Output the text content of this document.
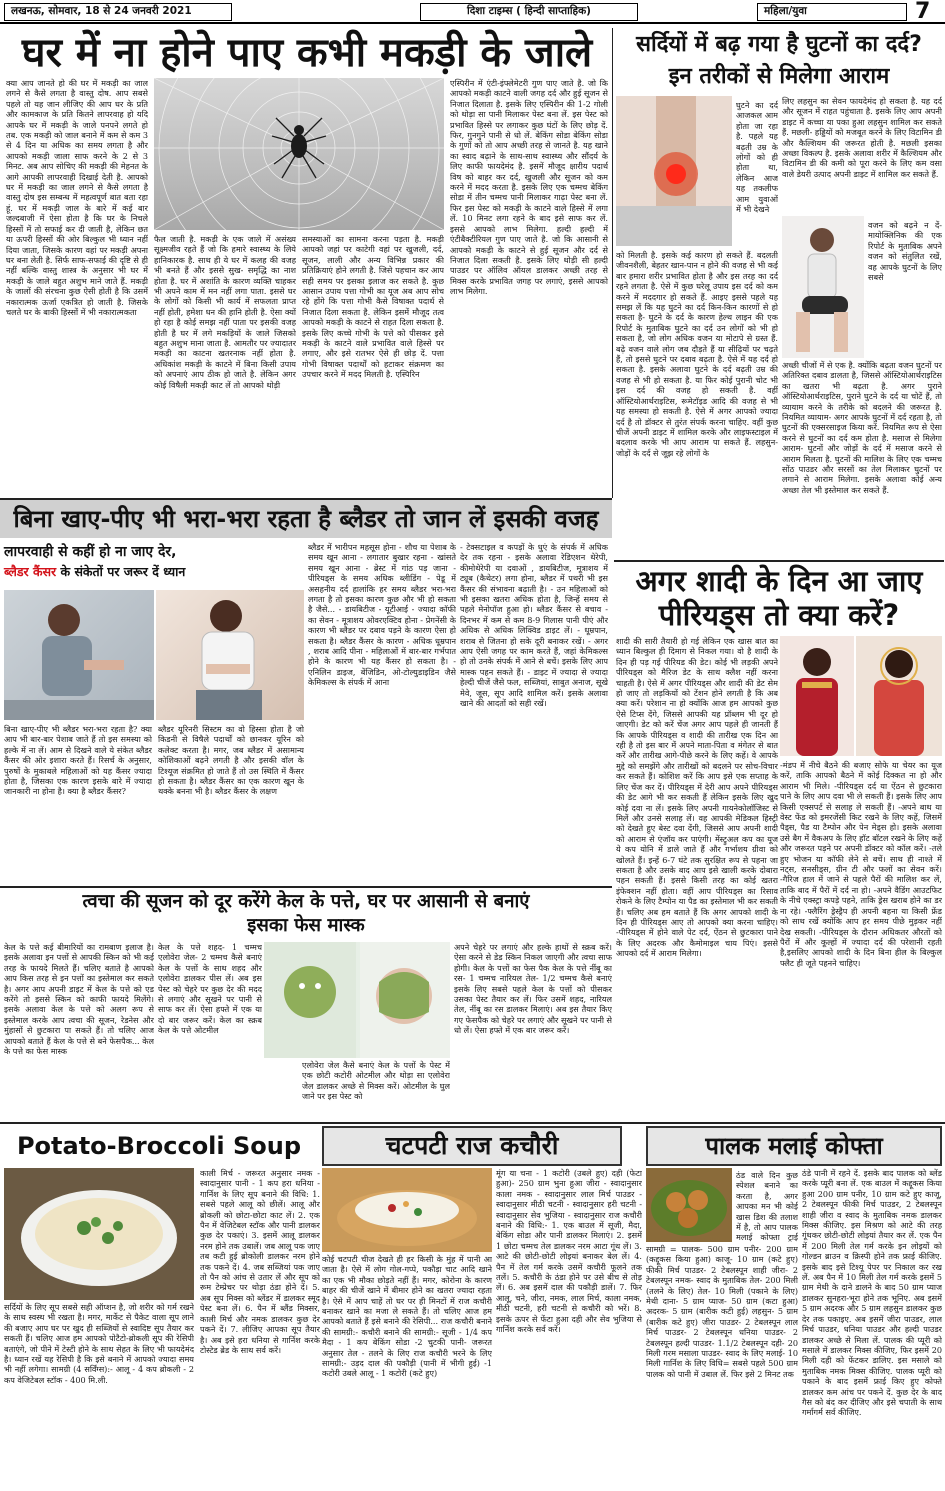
लखनऊ, सोमवार, 18 से 24 जनवरी 2021	दिशा टाइम्स ( हिन्दी साप्ताहिक)	महिला/युवा	7
घर में ना होने पाए कभी मकड़ी के जाले
क्या आप जानते हो की घर में मकड़ी का जाल लगने से कैसे लगता है वास्तु दोष. आप सबसे पहले तो यह जान लीजिए की आप घर के प्रति और कामकाज के प्रति कितने लापरवाह हो यदि आपके घर में मकड़ी के जाले पनपने लगते हो तब. एक मकड़ी को जाल बनाने में कम से कम 3 से 4 दिन या अधिक का समय लगता है और आपको मकड़ी जाला साफ करने के 2 से 3 मिनट. अब आप सोचिए की मकड़ी की मेहनत के आगे आपकी लापरवाही दिखाई देती है. आपको घर में मकड़ी का जाल लगने से कैसे लगता है वास्तु दोष इस सम्बन्ध में महत्वपूर्ण बात बता रहा हूं. घर में मकड़ी जाल के बारे में कई बार जल्दबाजी में ऐसा होता है कि घर के निचले हिस्सों में तो सफाई कर दी जाती है, लेकिन छत या ऊपरी हिस्सों की ओर बिल्कुल भी ध्यान नहीं दिया जाता, जिसके कारण वहां पर मकड़ी अपना घर बना लेती है. सिर्फ साफ-सफाई की दृष्टि से ही नहीं बल्कि वास्तु शास्त्र के अनुसार भी घर में मकड़ी के जाले बहुत अशुभ माने जाते हैं. मकड़ी के जालों की संरचना कुछ ऐसी होती है कि उसमें नकारात्मक ऊर्जा एकत्रित हो जाती है. जिसके चलते घर के बाकी हिस्सों में भी नकारात्मकता
फैल जाती है. मकड़ी के एक जाले में असंख्य सूक्ष्मजीव रहते हैं जो कि हमारे स्वास्थ्य के लिये हानिकारक है. साथ ही ये घर में कलह की वजह भी बनते हैं और इससे सुख- समृद्धि का नाश होता है. घर में अशांति के कारण व्यक्ति चाहकर भी अपने काम में मन नहीं लगा पाता. इससे घर के लोगों को किसी भी कार्य में सफलता प्राप्त नहीं होती, हमेशा धन की हानि होती है. ऐसा क्यों हो रहा है कोई समझ नहीं पाता पर इसकी वजह होती है घर में लगे मकड़ियों के जाले जिसको बहुत अशुभ माना जाता है. आमतौर पर ज्यादातर मकड़ी का काटना खतरनाक नहीं होता है. अधिकांश मकड़ी के काटने में बिना किसी उपाय को अपनाएं आप ठीक हो जाते है. लेकिन अगर कोई विषैली मकड़ी काट लें तो आपको थोड़ी
समस्याओं का सामना करना पड़ता है. मकड़ी आपको जहां पर काटेगी वहां पर खुजली, दर्द, सूजन, लाली और अन्य विभिन्न प्रकार की प्रतिक्रियाएं होने लगती है. जिसे पहचान कर आप सही समय पर इसका इलाज कर सकते है. कुछ आसान उपाय पत्ता गोभी का यूज अब आप सोच रहे होंगे कि पत्ता गोभी कैसे विषाक्त पदार्थ से निजात दिला सकता है. लेकिन इसमें मौजूद तत्व आपको मकड़ी के काटने से राहत दिला सकता है. इसके लिए कच्चे गोभी के पत्ते को पीसकर इसे मकड़ी के काटने वाले प्रभावित वाले हिस्से पर लगाए, और इसे रातभर ऐसे ही छोड़ दें. पत्ता गोभी विषाक्त पदार्थों को हटाकर संक्रमण का उपचार करने में मदद मिलती है. एस्पिरिन
एस्पिरीन में एंटी-इंफ्लेमेटरी गुण पाए जाते है. जो कि आपको मकड़ी काटने वाली जगह दर्द और हुई सूजन से निजात दिलाता है. इसके लिए एस्पिरीन की 1-2 गोली को थोड़ा सा पानी मिलाकर पेस्ट बना लें. इस पेस्ट को प्रभावित हिस्से पर लगाकर कुछ घंटों के लिए छोड़ दें. फिर, गुनगुने पानी से धो लें. बेकिंग सोडा बेकिंग सोडा के गुणों को तो आप अच्छी तरह से जानते है. यह खाने का स्वाद बढ़ाने के साथ-साथ स्वास्थ्य और सौंदर्य के लिए काफी फायदेमंद है. इसमें मौजूद क्षारीय पदार्थ विष को बाहर कर दर्द, खुजली और सूजन को कम करने में मदद करता है. इसके लिए एक चम्मच बेकिंग सोडा में तीन चम्मच पानी मिलाकर गाढ़ा पेस्ट बना लें. फिर इस पेस्ट को मकड़ी के काटने वाले हिस्से में लगा लें. 10 मिनट लगा रहने के बाद इसे साफ कर लें. इससे आपको लाभ मिलेगा. हल्दी हल्दी में एंटीबैक्टीरियल गुण पाए जाते है. जो कि आसानी से आपको मकड़ी के काटने से हुई सूजन और दर्द से निजात दिला सकती है. इसके लिए थोड़ी सी हल्दी पाउडर पर ऑलिव ऑयल डालकर अच्छी तरह से मिक्स करके प्रभावित जगह पर लगाएं, इससे आपको लाभ मिलेगा.
सर्दियों में बढ़ गया है घुटनों का दर्द?
इन तरीकों से मिलेगा आराम
घुटने का दर्द आजकल आम होता जा रहा है. पहले यह बढ़ती उम्र के लोगों को ही होता था, लेकिन आज यह तकलीफ आम युवाओं में भी देखने
को मिलती है. इसके कई कारण हो सकते हैं. बदलती जीवनशैली, बेहतर खान-पान न होने की वजह से भी कई बार हमारा शरीर प्रभावित होता है और इस तरह का दर्द रहने लगता है. ऐसे में कुछ घरेलू उपाय इस दर्द को कम करने में मददगार हो सकते हैं. आइए इससे पहले यह समझ लें कि यह घुटने का दर्द किन-किन कारणों से हो सकता है- घुटने के दर्द के कारण हेल्थ लाइन की एक रिपोर्ट के मुताबिक घुटने का दर्द उन लोगों को भी हो सकता है, जो लोग अधिक वजन या मोटापे से ग्रस्त हैं. बढ़े वजन वाले लोग जब दौड़ते हैं या सीढ़ियों पर चढ़ते हैं, तो इससे घुटने पर दबाव बढ़ता है. ऐसे में यह दर्द हो सकता है. इसके अलावा घुटने के दर्द बढ़ती उम्र की वजह से भी हो सकता है. या फिर कोई पुरानी चोट भी इस दर्द की वजह हो सकती है. वहीं ऑस्टियोआर्थराइटिस, रूमेटॉइड आदि की वजह से भी यह समस्या हो सकती है. ऐसे में अगर आपको ज्यादा दर्द है तो डॉक्टर से तुरंत संपर्क करना चाहिए. वहीं कुछ चीजें अपनी डाइट में शामिल करके और लाइफस्टाइल में बदलाव करके भी आप आराम पा सकते हैं. लहसुन- जोड़ों के दर्द से जूझ रहे लोगों के
लिए लहसुन का सेवन फायदेमंद हो सकता है. यह दर्द और सूजन में राहत पहुंचाता है. इसके लिए आप अपनी डाइट में कच्चा या पका हुआ लहसुन शामिल कर सकते हैं. मछली- हड्डियों को मजबूत करने के लिए विटामिन डी और कैल्शियम की जरूरत होती है. मछली इसका अच्छा विकल्प है. इसके अलावा शरीर में कैल्शियम और विटामिन डी की कमी को पूरा करने के लिए कम वसा वाले डेयरी उत्पाद अपनी डाइट में शामिल कर सकते हैं.
वजन को बढ़ने न दें- मायोक्लिनिक की एक रिपोर्ट के मुताबिक अपने वजन को संतुलित रखें, वह आपके घुटनों के लिए सबसे
अच्छी चीजों में से एक है. क्योंकि बढ़ता वजन घुटनों पर अतिरिक्त दबाव डालता है, जिससे ऑस्टियोआर्थराइटिस का खतरा भी बढ़ता है. अगर पुराने ऑस्टियोआर्थराइटिस, पुराने घुटने के दर्द या चोटें हैं, तो व्यायाम करने के तरीके को बदलने की जरूरत है. नियमित व्यायाम- अगर आपके घुटनों में दर्द रहता है, तो घुटनों की एक्सरसाइज किया करें. नियमित रूप से ऐसा करने से घुटनों का दर्द कम होता है. मसाज से मिलेगा आराम- घुटनों और जोड़ों के दर्द में मसाज करने से आराम मिलता है. घुटनों की मालिश के लिए एक चम्मच सोंठ पाउडर और सरसों का तेल मिलाकर घुटनों पर लगाने से आराम मिलेगा. इसके अलावा कोई अन्य अच्छा तेल भी इस्तेमाल कर सकते हैं.
बिना खाए-पीए भी भरा-भरा रहता है ब्लैडर तो जान लें इसकी वजह
लापरवाही से कहीं हो ना जाए देर,
ब्लैडर कैंसर के संकेतों पर जरूर दें ध्यान
बिना खाए-पीए भी ब्लैडर भरा-भरा रहता है? क्या आप भी बार-बार पेशाब जाते हैं तो इस समस्या को हल्के में ना लें। आम से दिखने वाले ये संकेत ब्लैडर कैंसर की ओर इशारा करते हैं। रिसर्च के अनुसार, पुरुषों के मुकाबले महिलाओं को यह कैंसर ज्यादा होता है, जिसका एक कारण इसके बारे में ज्यादा जानकारी ना होना है। क्या है ब्लैडर कैंसर?
ब्लैडर यूरिनरी सिस्टम का वो हिस्सा होता है जो किडनी से विषैले पदार्थों को छानकर यूरिन को कलेक्ट करता है। मगर, जब ब्लैडर में असामान्य कोशिकाओं बढ़ने लगती है और इसकी वॉल के टिश्यूज संक्रमित हो जाते हैं तो उस स्थिति में कैंसर हो सकता है। ब्लैडर कैंसर का एक कारण खून के थक्के बनना भी है। ब्लैडर कैंसर के लक्षण
ब्लैडर में भारीपन महसूस होना - शौच या पेशाब के समय खून आना - लगातार बुखार रहना - खांसते समय खून आना - ब्रेस्ट में गांठ पड़ जाना - पीरियड्स के समय अधिक ब्लीडिंग - पेडू में असहनीय दर्द हालांकि हर समय ब्लैडर भरा-भरा लगता है तो इसका कारण कुछ और भी हो सकता है जैसे... - डायबिटीज - यूटीआई - ज्यादा कॉफी का सेवन - मूत्राशय ओवरएक्टिव होना - प्रेगनेंसी के कारण भी ब्लैडर पर दबाव पड़ने के कारण ऐसा हो सकता है। ब्लैडर कैंसर के कारण - अधिक धूम्रपान , शराब आदि पीना - महिलाओं में बार-बार गर्भपात होने के कारण भी यह कैंसर हो सकता है। - एनिलिन डाइज, बेंजिडिन, ओ-टोल्युडाइडिन जैसे केमिकल्स के संपर्क में आना
- टेक्सटाइल व कपड़ों के धुएं के संपर्क में अधिक देर तक रहना - इसके अलावा रेडिएशन थेरेपी, कीमोथेरेपी या दवाओं , डायबिटीज, मूत्राशय में ट्यूब (कैथेटर) लगा होना, ब्लैडर में पथरी भी इस कैंसर की संभावना बढ़ाती है। - उन महिलाओं को भी इसका खतरा अधिक होता है, जिन्हें समय से पहले मेनोपॉज हुआ हो। ब्लैडर कैंसर से बचाव - दिनभर में कम से कम 8-9 गिलास पानी पीएं और अधिक से अधिक लिक्विड डाइट लें। - धूम्रपान, शराब से जितना हो सके दूरी बनाकर रखें। - अगर आप ऐसी जगह पर काम करते हैं, जहां केमिकल्स हो तो उनके संपर्क में आने से बचें। इसके लिए आप मास्क पहन सकते हैं। - डाइट में ज्यादा से ज्यादा हेल्दी चीजें जैसे फल, सब्जियां, साबुत अनाज, सूखे मेवे, जूस, सूप आदि शामिल करें। इसके अलावा खाने की आदतों को सही रखें।
अगर शादी के दिन आ जाए
पीरियड्स तो क्या करें?
शादी की सारी तैयारी हो गई लेकिन एक खास बात का ध्यान बिल्कुल ही दिमाग से निकल गया। वो है शादी के दिन ही पड़ गई पीरियड की डेट। कोई भी लड़की अपने पीरियड्स को मैरिज डेट के साथ क्लैश नहीं करना चाहती है। ऐसे में अगर पीरियड्स और शादी की डेट सेम हो जाए तो लड़कियों को टेंशन होने लगती है कि अब क्या करें। परेशान ना हो क्योंकि आज हम आपको कुछ ऐसे टिप्स देंगे, जिससे आपकी यह प्रॉब्लम भी दूर हो जाएगी। डेट को करें चेंज अगर आप पहले ही जानती हैं कि आपके पीरियड्स व शादी की तारीख एक दिन आ रही है तो इस बार में अपने माता-पिता व मंगेतर से बात करें और तारीख आगे-पीछे करने के लिए कहें। वे आपके मुद्दे को समझेंगे और तारीखों को बदलने पर सोच-विचार कर सकते हैं। कोशिश करें कि आप इसे एक सप्ताह के लिए चेंज कर दें। पीरियड्स में देरी आप अपने पीरियड्स की डेट आगे भी कर सकती हैं लेकिन इसके लिए खुद कोई दवा ना लें। इसके लिए अपनी गायनेकोलॉजिस्ट से मिलें और उनसे सलाह लें। वह आपकी मेडिकल हिस्ट्री को देखते हुए बेस्ट दवा देंगी, जिससे आप अपनी शादी को आराम से एंजॉय कर पाएंगी। मेंस्ट्रुअल कप का यूज ये कप योनि में डाले जाते हैं और गर्भाशय ग्रीवा को खोलते हैं। इन्हें 6-7 घंटे तक सुरक्षित रूप से पहना जा सकता है और उसके बाद आप इसे खाली करके दोबारा पहन सकती हैं। इससे किसी तरह का कोई खतरा इंफेक्शन नहीं होता। वहीं आप पीरियड्स का रिसाव रोकने के लिए टैम्पोन या पैड का इस्तेमाल भी कर सकती हैं। चलिए अब हम बताते हैं कि अगर आपको शादी के दिन ही पीरियड्स आए तो आपको क्या करना चाहिए। -पीरियड्स में होने वाले पेट दर्द, ऐंठन से छुटकारा पाने के लिए अदरक और कैमोमाइल चाय पिएं। इससे आपको दर्द में आराम मिलेगा।
-मंडप में नीचे बैठने की बजाए सोफे या चेयर का यूज करें, ताकि आपको बैठने में कोई दिक्कत ना हो और आराम भी मिले। -पीरियड्स दर्द या ऐंठन से छुटकारा पाने के लिए आप दवा भी ले सकती हैं। इसके लिए आप किसी एक्सपर्ट से सलाह ले सकती हैं। -अपने बाथ या वेस्ट फेंड को इमरजेंसी किट रखने के लिए कहें, जिसमें पैड्स, पैड या टैम्पोन और पेन मेड्स हो। इसके अलावा उसे बैग में वैकअप के लिए हॉट बॉटल रखने के लिए कहें और जरूरत पड़ने पर अपनी डॉक्टर को कॉल करें। -तले हुए भोजन या कॉफी लेने से बचें। साथ ही नाश्ते में नट्स, सनसीड्स, ग्रीन टी और फलों का सेवन करें। -गैरिज हाल में जाने से पहले पैरों की मालिश कर लें, ताकि बाद में पैरों में दर्द ना हो। -अपने वैडिंग आउटफिट के नीचे एक्स्ट्रा कपड़े पहने, ताकि ड्रेस खराब होने का डर ना रहे। -फ्लैरिंग ड्रेस्ड्रैप ही अपनी बहना या किसी फ्रेंड को साथ रखें क्योंकि आप हर समय पीछे मुड़कर नहीं देख सकती। -पीरियड्स के दौरान अधिकतर औरतों को पैरों में और कूल्हों में ज्यादा दर्द की परेशानी रहती है,इसलिए आपको शादी के दिन बिना हील के बिल्कुल फ्लैट ही जूते पहनने चाहिए।
त्वचा की सूजन को दूर करेंगे केल के पत्ते, घर पर आसानी से बनाएं
इसका फेस मास्क
केल के पत्ते कई बीमारियों का रामबाण इलाज है। इसके अलावा इन पत्तों से आपकी स्किन को भी कई तरह के फायदे मिलते हैं। चलिए बताते है आपको आप किस तरह से इन पत्तों का इस्तेमाल कर सकते है। अगर आप अपनी डाइट में केल के पत्ते को एड करेंगे तो इससे स्किन को काफी फायदे मिलेंगे। इसके अलावा केल के पत्ते को अलग रूप से इस्तेमाल करके आप त्वचा की सूजन, रेडनेस और मुंहासों से छुटकारा पा सकते हैं। तो चलिए आज आपको बताते हैं केल के पत्ते से बने फेसपैक... केल के पत्ते का फेस मास्क
केल के पत्ते शहद- 1 चम्मच एलोवेरा जेल- 2 चम्मच कैसे बनाएं केल के पत्तों के साथ शहद और एलोवेरा डालकर पीस लें। अब इस पेस्ट को चेहरे पर कुछ देर की मदद से लगाएं और सूखने पर पानी से साफ कर लें। ऐसा हफ्ते में एक या दो बार जरूर करें। केल का स्क्रब केल के पत्ते ओटमील
एलोवेरा जेल कैसे बनाएं केल के पत्तों के पेस्ट में एक छोटी कटोरी ओटमील और थोड़ा सा एलोवेरा जेल डालकर अच्छे से मिक्स करें। ओटमील के घुल जाने पर इस पेस्ट को
अपने चेहरे पर लगाएं और हल्के हाथों से स्क्रब करें। ऐसा करने से डेड स्किन निकल जाएगी और त्वचा साफ होगी। केल के पत्तों का फेस पैक केल के पत्ते नींबू का रस- 1 चम्मच नारियल तेल- 1/2 चम्मच कैसे बनाएं इसके लिए सबसे पहले केल के पत्तों को पीसकर उसका पेस्ट तैयार कर लें। फिर उसमें शहद, नारियल तेल, नींबू का रस डालकर मिलाएं। अब इस तैयार किए गए फेसपैक को चेहरे पर लगाएं और सूखने पर पानी से धो लें। ऐसा हफ्ते में एक बार जरूर करें।
Potato-Broccoli Soup
सर्दियों के लिए सूप सबसे सही ऑप्शन है, जो शरीर को गर्म रखने के साथ स्वस्थ भी रखता है। मगर, मार्केट से पैकेट वाला सूप लाने की बजाए आप घर पर खुद ही सब्जियों से स्वादिष्ट सूप तैयार कर सकती हैं। चलिए आज हम आपको पोटैटो-ब्रोकली सूप की रेसिपी बताएंगे, जो पीने में टेस्टी होने के साथ सेहत के लिए भी फायदेमंद है। ध्यान रखें यह रेसिपी है कि इसे बनाने में आपको ज्यादा समय भी नहीं लगेगा। सामग्री (4 सर्विंग्स):- आलू - 4 कप ब्रोकली - 2 कप वेजिटेबल स्टॉक - 400 मि.ली.
काली मिर्च - जरूरत अनुसार नमक - स्वादानुसार पानी - 1 कप हरा धनिया - गार्निश के लिए सूप बनाने की विधि: 1. सबसे पहले आलू को छीलें। आलू और ब्रोकली को छोटा-छोटा काट लें। 2. एक पैन में वेजिटेबल स्टॉक और पानी डालकर कुछ देर पकाएं। 3. इसमें आलू डालकर नरम होने तक उबालें। जब आलू पक जाए तब कटी हुई ब्रोकोली डालकर नरम होने तक पकने दें। 4. जब सब्जियां पक जाए तो पैन को आंच से उतार लें और सूप को रूम टेम्प्रेचर पर थोड़ा ठंडा होने दें। 5. अब सूप मिक्स को ब्लेंडर में डालकर स्मूद पेस्ट बना लें। 6. पैन में ब्लैंड मिक्सर, काली मिर्च और नमक डालकर कुछ देर पकने दें। 7. लीजिए आपका सूप तैयार है। अब इसे हरा धनिया से गार्निश करके टोस्टेड ब्रेड के साथ सर्व करें।
चटपटी राज कचौरी
कोई चटपटी चीज देखते ही हर किसी के मुंह में पानी आ जाता है। ऐसे में लोग गोल-गप्पे, पकौड़ा चाट आदि खाने का एक भी मौका छोड़ते नहीं हैं। मगर, कोरोना के कारण बाहर की चीजें खाने में बीमार होने का खतरा ज्यादा रहता है। ऐसे में आप चाहें तो घर पर ही मिनटों में राज कचौरी बनाकर खाने का मजा ले सकते हैं। तो चलिए आज हम आपको बताते हैं इसे बनाने की रेसिपी... राज कचौरी बनाने की सामग्री:- कचौरी बनाने की सामग्री:- सूजी - 1/4 कप मैदा - 1 कप बेकिंग सोडा -2 चुटकी पानी- जरूरत अनुसार तेल - तलने के लिए राज कचौरी भरने के लिए सामग्री:- उड़द दाल की पकौड़ी (पानी में भीगी हुई) -1 कटोरी उबले आलू - 1 कटोरी (कटे हुए)
मूंग या चना - 1 कटोरी (उबले हुए) दही (फेटा हुआ)- 250 ग्राम भुना हुआ जीरा - स्वादानुसार काला नमक - स्वादानुसार लाल मिर्च पाउडर - स्वादानुसार मीठी चटनी - स्वादानुसार हरी चटनी - स्वादानुसार सेव भुजिया - स्वादानुसार राज कचौरी बनाने की विधि:- 1. एक बाउल में सूजी, मैदा, बेकिंग सोडा और पानी डालकर मिलाएं। 2. इसमें 1 छोटा चम्मच तेल डालकर नरम आटा गूंथ लें। 3. आटे की छोटी-छोटी लोइयां बनाकर बेल लें। 4. पैन में तेल गर्म करके उसमें कचौरी फूलने तक तलें। 5. कचौरी के ठंडा होने पर उसे बीच से तोड़ लें। 6. अब इसमें दाल की पकौड़ी डालें। 7. फिर आलू, चने, जीरा, नमक, लाल मिर्च, काला नमक, मीठी चटनी, हरी चटनी से कचौरी को भरें। 8. इसके ऊपर से फेंटा हुआ दही और सेव भुजिया से गार्निश करके सर्व करें।
पालक मलाई कोफ्ता
ठंड वाले दिन कुछ स्पेशल बनाने का करता है, अगर आपका मन भी कोई खास डिश की तलाश में है, तो आप पालक मलाई कोफ्ता ट्राई
सामग्री = पालक- 500 ग्राम पनीर- 200 ग्राम (कद्दूकस किया हुआ) काजू- 10 ग्राम (कटे हुए) फीकी मिर्च पाउडर- 2 टेबलस्पून शाही जीरा- 2 टेबलस्पून नमक- स्वाद के मुताबिक तेल- 200 मिली (तलने के लिए) तेल- 10 मिली (पकाने के लिए) मेथी दाना- 5 ग्राम प्याज- 50 ग्राम (कटा हुआ) अदरक- 5 ग्राम (बारीक कटी हुई) लहसुन- 5 ग्राम (बारीक कटे हुए) जीरा पाउडर- 2 टेबलस्पून लाल मिर्च पाउडर- 2 टेबलस्पून धनिया पाउडर- 2 टेबलस्पून हल्दी पाउडर- 1.1/2 टेबलस्पून दही- 20 मिली गरम मसाला पाउडर- स्वाद के लिए मलाई- 10 मिली गार्निश के लिए विधि= सबसे पहले 500 ग्राम पालक को पानी में उबाल लें. फिर इसे 2 मिनट तक
ठंडे पानी में रहने दें. इसके बाद पालक को ब्लेंड करके प्यूरी बना लें. एक बाउल में कद्दूकस किया हुआ 200 ग्राम पनीर, 10 ग्राम कटे हुए काजू, 2 टेबलस्पून फीकी मिर्च पाउडर, 2 टेबलस्पून शाही जीरा व स्वाद के मुताबिक नमक डालकर मिक्स कीजिए. इस मिश्रण को आटे की तरह गूंथकर छोटी-छोटी लोइयां तैयार कर लें. एक पैन में 200 मिली तेल गर्म करके इन लोइयों को गोल्डन ब्राउन व क्रिस्पी होने तक फ्राई कीजिए. इसके बाद इसे टिश्यू पेपर पर निकाल कर रख लें. अब पैन में 10 मिली तेल गर्म करके इसमें 5 ग्राम मेथी के दाने डालने के बाद 50 ग्राम प्याज डालकर सुनहरा-भूरा होने तक भूनिए. अब इसमें 5 ग्राम अदरक और 5 ग्राम लहसुन डालकर कुछ देर तक पकाइए. अब इसमें जीरा पाउडर, लाल मिर्च पाउडर, धनिया पाउडर और हल्दी पाउडर डालकर अच्छे से मिला लें. पालक की प्यूरी को मसाले में डालकर मिक्स कीजिए, फिर इसमें 20 मिली दही को फेंटकर डालिए. इस मसाले को मुताबिक नमक मिक्स कीजिए. पालक प्यूरी को पकाने के बाद इसमें फ्राई किए हुए कोफ्ते डालकर कम आंच पर पकने दें. कुछ देर के बाद गैस को बंद कर दीजिए और इसे चपाती के साथ गर्मागर्म सर्व कीजिए.
